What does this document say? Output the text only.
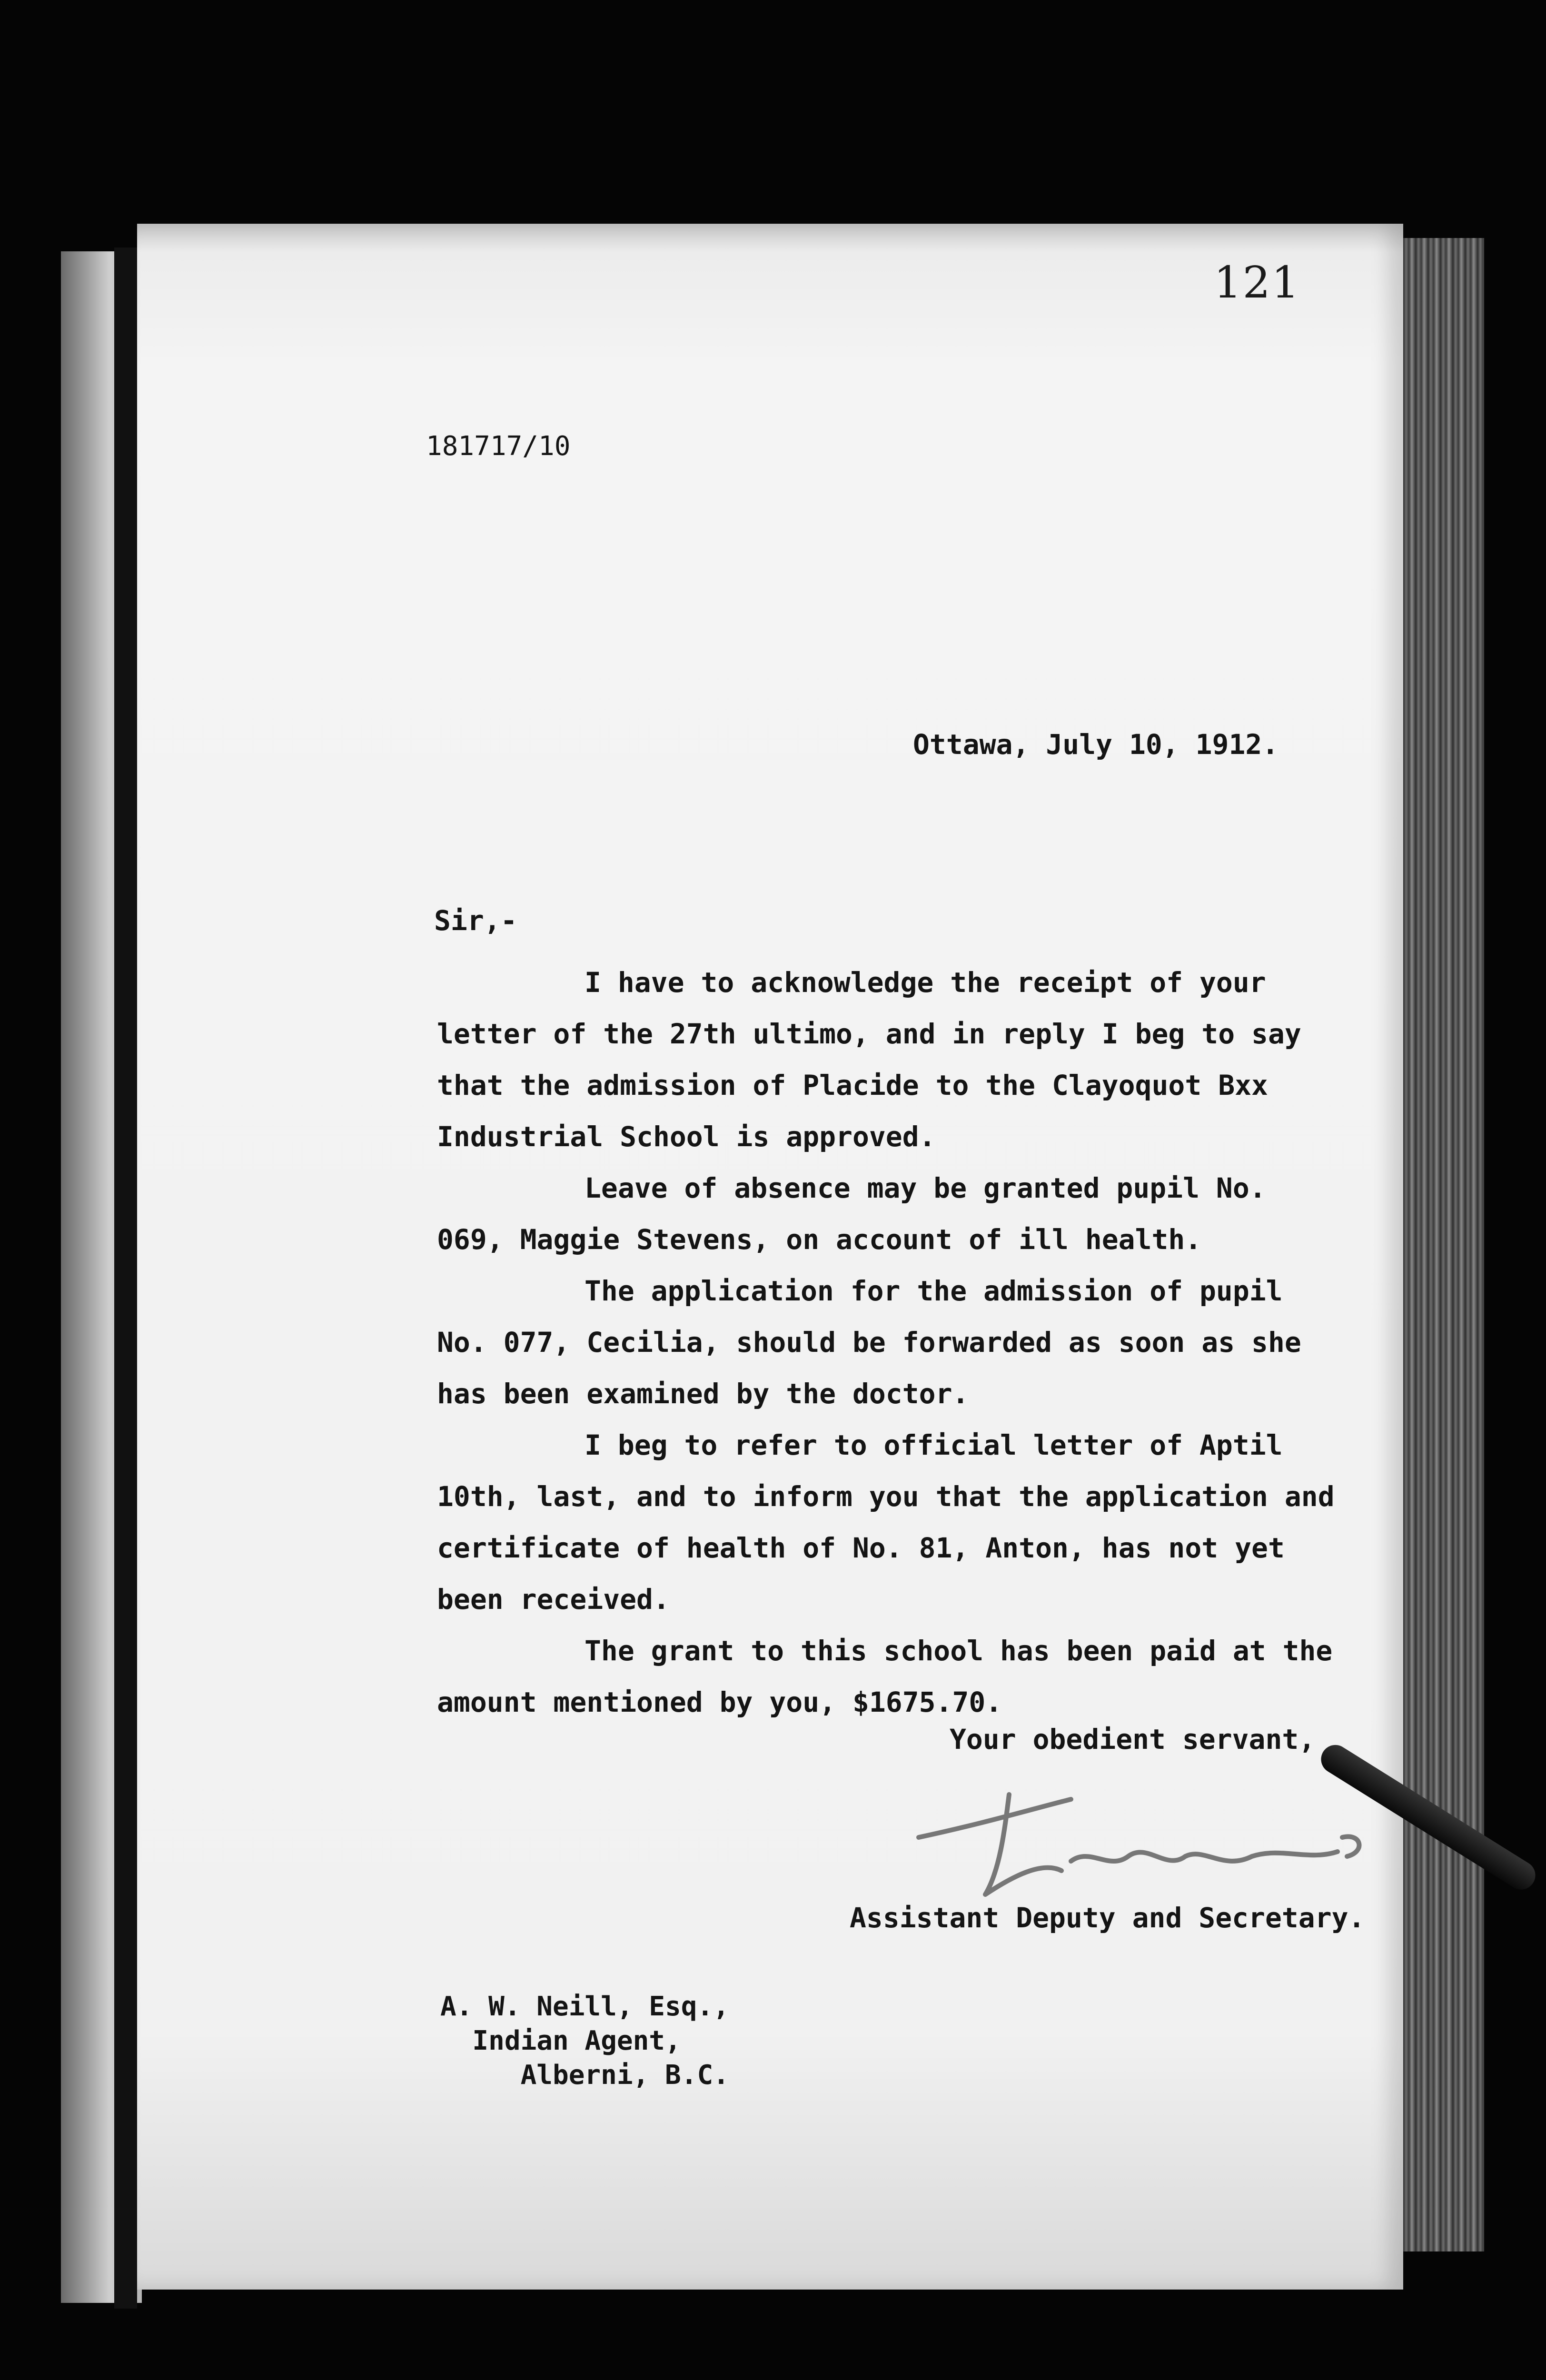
121
181717/10
Ottawa, July 10, 1912.
Sir,-

I have to acknowledge the receipt of your letter of the 27th ultimo, and in reply I beg to say that the admission of Placide to the Clayoquot Bxx Industrial School is approved.

Leave of absence may be granted pupil No. 069, Maggie Stevens, on account of ill health.

The application for the admission of pupil No. 077, Cecilia, should be forwarded as soon as she has been examined by the doctor.

I beg to refer to official letter of Aptil 10th, last, and to inform you that the application and certificate of health of No. 81, Anton, has not yet been received.

The grant to this school has been paid at the amount mentioned by you, $1675.70.

Your obedient servant,
Assistant Deputy and Secretary.
A. W. Neill, Esq.,
Indian Agent,
Alberni, B.C.
